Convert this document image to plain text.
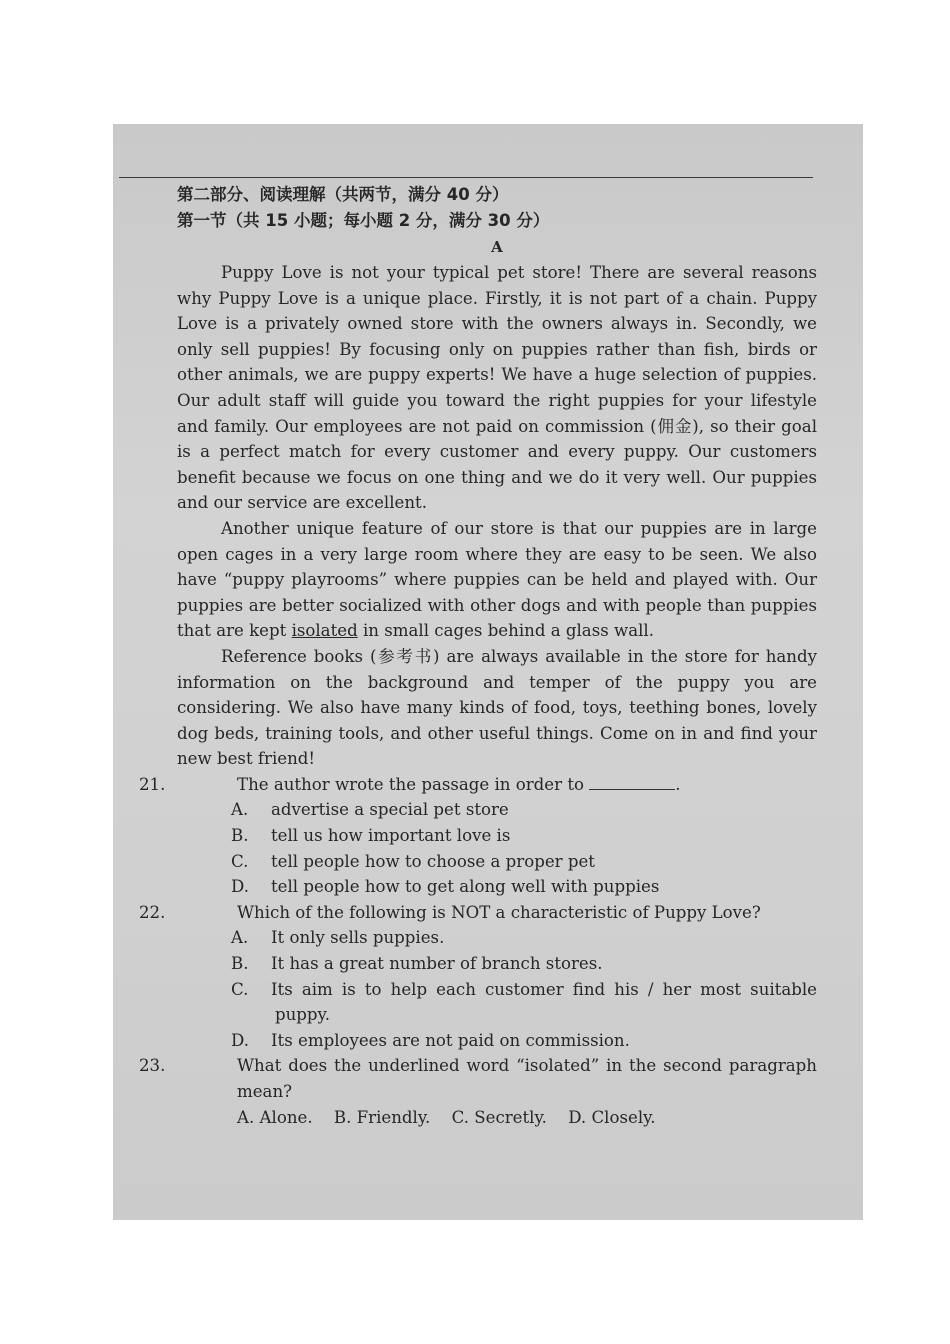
第二部分、阅读理解（共两节，满分 40 分）
第一节（共 15 小题；每小题 2 分，满分 30 分）
A

Puppy Love is not your typical pet store! There are several reasons why Puppy Love is a unique place. Firstly, it is not part of a chain. Puppy Love is a privately owned store with the owners always in. Secondly, we only sell puppies! By focusing only on puppies rather than fish, birds or other animals, we are puppy experts! We have a huge selection of puppies. Our adult staff will guide you toward the right puppies for your lifestyle and family. Our employees are not paid on commission (佣金), so their goal is a perfect match for every customer and every puppy. Our customers benefit because we focus on one thing and we do it very well. Our puppies and our service are excellent.

Another unique feature of our store is that our puppies are in large open cages in a very large room where they are easy to be seen. We also have “puppy playrooms” where puppies can be held and played with. Our puppies are better socialized with other dogs and with people than puppies that are kept isolated in small cages behind a glass wall.

Reference books (参考书) are always available in the store for handy information on the background and temper of the puppy you are considering. We also have many kinds of food, toys, teething bones, lovely dog beds, training tools, and other useful things. Come on in and find your new best friend!

21.	The author wrote the passage in order to	.
A. advertise a special pet store
B. tell us how important love is
C. tell people how to choose a proper pet
D. tell people how to get along well with puppies
22.	Which of the following is NOT a characteristic of Puppy Love?
A. It only sells puppies.
B. It has a great number of branch stores.
C. Its aim is to help each customer find his / her most suitable puppy.
D. Its employees are not paid on commission.
23.	What does the underlined word “isolated” in the second paragraph mean?
A. Alone. B. Friendly. C. Secretly. D. Closely.
